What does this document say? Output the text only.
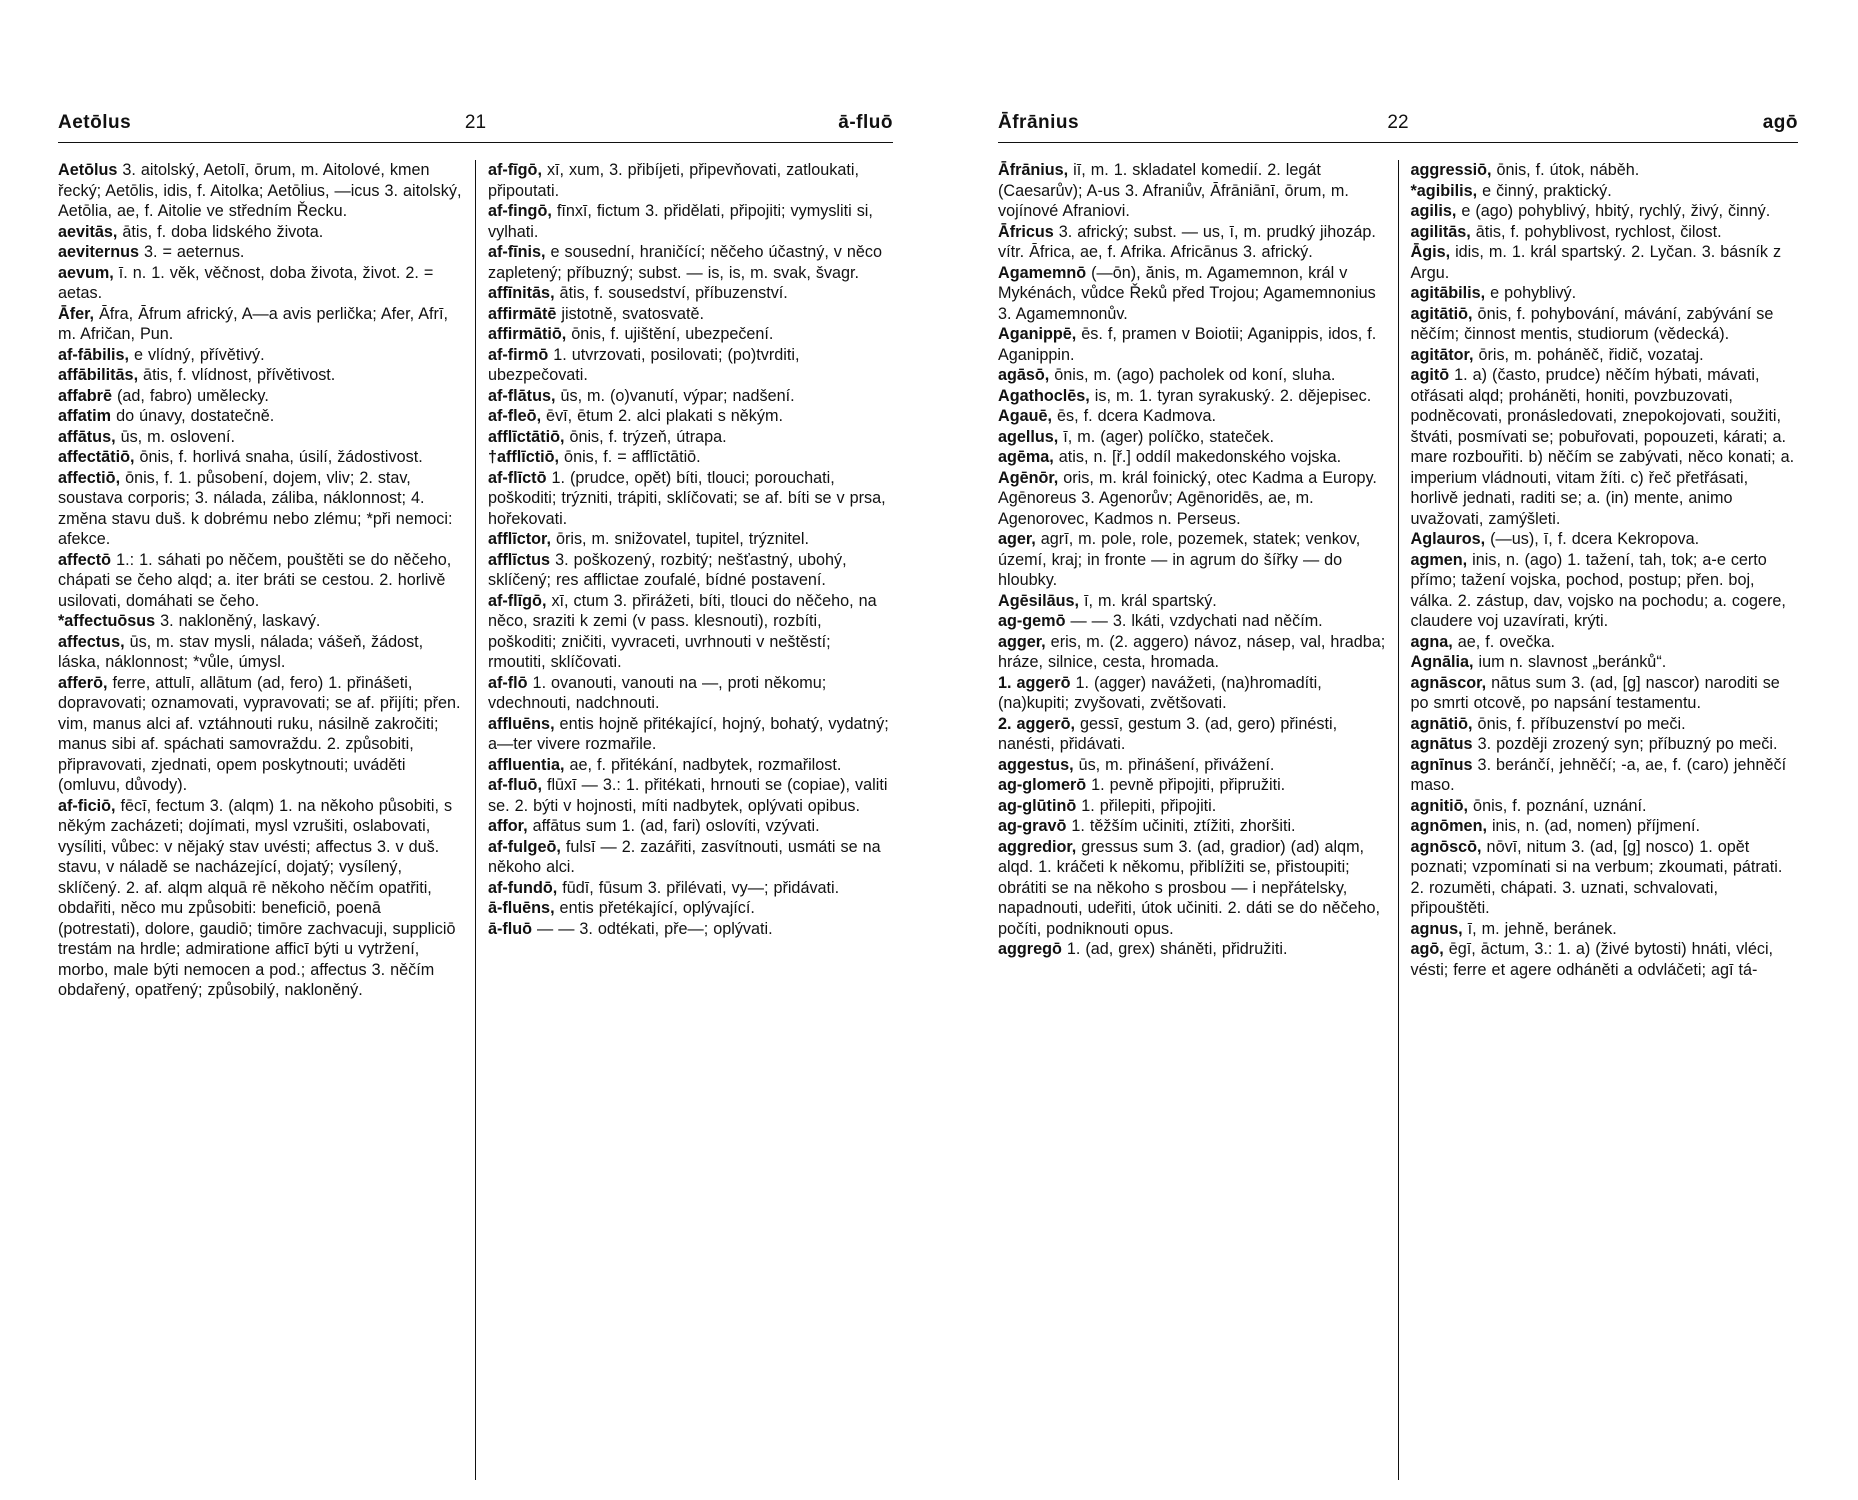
Aetōlus	21	ā-fluō

Aetōlus 3. aitolský, Aetolī, ōrum, m. Aitolové, kmen řecký; Aetōlis, idis, f. Aitolka; Aetōlius, —icus 3. aitolský, Aetōlia, ae, f. Aitolie ve středním Řecku.

aevitās, ātis, f. doba lidského života.

aeviternus 3. = aeternus.

aevum, ī. n. 1. věk, věčnost, doba života, život. 2. = aetas.

Āfer, Āfra, Āfrum africký, A—a avis perlička; Afer, Afrī, m. Afričan, Pun.

af-fābilis, e vlídný, přívětivý.

affābilitās, ātis, f. vlídnost, přívětivost.

affabrē (ad, fabro) umělecky.

affatim do únavy, dostatečně.

affātus, ūs, m. oslovení.

affectātiō, ōnis, f. horlivá snaha, úsilí, žádostivost.

affectiō, ōnis, f. 1. působení, dojem, vliv; 2. stav, soustava corporis; 3. nálada, záliba, náklonnost; 4. změna stavu duš. k dobrému nebo zlému; *při nemoci: afekce.

affectō 1.: 1. sáhati po něčem, pouštěti se do něčeho, chápati se čeho alqd; a. iter bráti se cestou. 2. horlivě usilovati, domáhati se čeho.

*affectuōsus 3. nakloněný, laskavý.

affectus, ūs, m. stav mysli, nálada; vášeň, žádost, láska, náklonnost; *vůle, úmysl.

afferō, ferre, attulī, allātum (ad, fero) 1. přinášeti, dopravovati; oznamovati, vypravovati; se af. přijíti; přen. vim, manus alci af. vztáhnouti ruku, násilně zakročiti; manus sibi af. spáchati samovraždu. 2. způsobiti, připravovati, zjednati, opem poskytnouti; uváděti (omluvu, důvody).

af-ficiō, fēcī, fectum 3. (alqm) 1. na někoho působiti, s někým zacházeti; dojímati, mysl vzrušiti, oslabovati, vysíliti, vůbec: v nějaký stav uvésti; affectus 3. v duš. stavu, v náladě se nacházející, dojatý; vysílený, sklíčený. 2. af. alqm alquā rē někoho něčím opatřiti, obdařiti, něco mu způsobiti: beneficiō, poenā (potrestati), dolore, gaudiō; timōre zachvacuji, suppliciō trestám na hrdle; admiratione afficī býti u vytržení, morbo, male býti nemocen a pod.; affectus 3. něčím obdařený, opatřený; způsobilý, nakloněný.

af-fīgō, xī, xum, 3. přibíjeti, připevňovati, zatloukati, připoutati.

af-fingō, fīnxī, fictum 3. přidělati, připojiti; vymysliti si, vylhati.

af-fīnis, e sousední, hraničící; něčeho účastný, v něco zapletený; příbuzný; subst. — is, is, m. svak, švagr.

affīnitās, ātis, f. sousedství, příbuzenství.

affirmātē jistotně, svatosvatě.

affirmātiō, ōnis, f. ujištění, ubezpečení.

af-firmō 1. utvrzovati, posilovati; (po)tvrditi, ubezpečovati.

af-flātus, ūs, m. (o)vanutí, výpar; nadšení.

af-fleō, ēvī, ētum 2. alci plakati s někým.

afflīctātiō, ōnis, f. trýzeň, útrapa.

†afflīctiō, ōnis, f. = afflīctātiō.

af-flīctō 1. (prudce, opět) bíti, tlouci; porouchati, poškoditi; trýzniti, trápiti, sklíčovati; se af. bíti se v prsa, hořekovati.

afflīctor, ōris, m. snižovatel, tupitel, trýznitel.

afflīctus 3. poškozený, rozbitý; nešťastný, ubohý, sklíčený; res afflictae zoufalé, bídné postavení.

af-flīgō, xī, ctum 3. přirážeti, bíti, tlouci do něčeho, na něco, sraziti k zemi (v pass. klesnouti), rozbíti, poškoditi; zničiti, vyvraceti, uvrhnouti v neštěstí; rmoutiti, sklíčovati.

af-flō 1. ovanouti, vanouti na —, proti někomu; vdechnouti, nadchnouti.

affluēns, entis hojně přitékající, hojný, bohatý, vydatný; a—ter vivere rozmařile.

affluentia, ae, f. přitékání, nadbytek, rozmařilost.

af-fluō, flūxī — 3.: 1. přitékati, hrnouti se (copiae), valiti se. 2. býti v hojnosti, míti nadbytek, oplývati opibus.

affor, affātus sum 1. (ad, fari) oslovíti, vzývati.

af-fulgeō, fulsī — 2. zazářiti, zasvítnouti, usmáti se na někoho alci.

af-fundō, fūdī, fūsum 3. přilévati, vy—; přidávati.

ā-fluēns, entis přetékající, oplývající.

ā-fluō — — 3. odtékati, pře—; oplývati.

Āfrānius	22	agō

Āfrānius, iī, m. 1. skladatel komedií. 2. legát (Caesarův); A-us 3. Afraniův, Āfrāniānī, ōrum, m. vojínové Afraniovi.

Āfricus 3. africký; subst. — us, ī, m. prudký jihozáp. vítr. Āfrica, ae, f. Afrika. Africānus 3. africký.

Agamemnō (—ōn), ănis, m. Agamemnon, král v Mykénách, vůdce Řeků před Trojou; Agamemnonius 3. Agamemnonův.

Aganippē, ēs. f, pramen v Boiotii; Aganippis, idos, f. Aganippin.

agāsō, ōnis, m. (ago) pacholek od koní, sluha.

Agathoclēs, is, m. 1. tyran syrakuský. 2. dějepisec.

Agauē, ēs, f. dcera Kadmova.

agellus, ī, m. (ager) políčko, stateček.

agēma, atis, n. [ř.] oddíl makedonského vojska.

Agēnōr, oris, m. král foinický, otec Kadma a Europy. Agēnoreus 3. Agenorův; Agēnoridēs, ae, m. Agenorovec, Kadmos n. Perseus.

ager, agrī, m. pole, role, pozemek, statek; venkov, území, kraj; in fronte — in agrum do šířky — do hloubky.

Agēsilāus, ī, m. král spartský.

ag-gemō — — 3. lkáti, vzdychati nad něčím.

agger, eris, m. (2. aggero) návoz, násep, val, hradba; hráze, silnice, cesta, hromada.

1. aggerō 1. (agger) navážeti, (na)hromadíti, (na)kupiti; zvyšovati, zvětšovati.

2. aggerō, gessī, gestum 3. (ad, gero) přinésti, nanésti, přidávati.

aggestus, ūs, m. přinášení, přivážení.

ag-glomerō 1. pevně připojiti, připružiti.

ag-glūtinō 1. přilepiti, připojiti.

ag-gravō 1. těžším učiniti, ztížiti, zhoršiti.

aggredior, gressus sum 3. (ad, gradior) (ad) alqm, alqd. 1. kráčeti k někomu, přiblížiti se, přistoupiti; obrátiti se na někoho s prosbou — i nepřátelsky, napadnouti, udeřiti, útok učiniti. 2. dáti se do něčeho, počíti, podniknouti opus.

aggregō 1. (ad, grex) sháněti, přidružiti.

aggressiō, ōnis, f. útok, náběh.

*agibilis, e činný, praktický.

agilis, e (ago) pohyblivý, hbitý, rychlý, živý, činný.

agilitās, ātis, f. pohyblivost, rychlost, čilost.

Āgis, idis, m. 1. král spartský. 2. Lyčan. 3. básník z Argu.

agitābilis, e pohyblivý.

agitātiō, ōnis, f. pohybování, mávání, zabývání se něčím; činnost mentis, studiorum (vědecká).

agitātor, ōris, m. poháněč, řidič, vozataj.

agitō 1. a) (často, prudce) něčím hýbati, mávati, otřásati alqd; proháněti, honiti, povzbuzovati, podněcovati, pronásledovati, znepokojovati, soužiti, štváti, posmívati se; pobuřovati, popouzeti, kárati; a. mare rozbouřiti. b) něčím se zabývati, něco konati; a. imperium vládnouti, vitam žíti. c) řeč přetřásati, horlivě jednati, raditi se; a. (in) mente, animo uvažovati, zamýšleti.

Aglauros, (—us), ī, f. dcera Kekropova.

agmen, inis, n. (ago) 1. tažení, tah, tok; a-e certo přímo; tažení vojska, pochod, postup; přen. boj, válka. 2. zástup, dav, vojsko na pochodu; a. cogere, claudere voj uzavírati, krýti.

agna, ae, f. ovečka.

Agnālia, ium n. slavnost „beránků“.

agnāscor, nātus sum 3. (ad, [g] nascor) naroditi se po smrti otcově, po napsání testamentu.

agnātiō, ōnis, f. příbuzenství po meči.

agnātus 3. později zrozený syn; příbuzný po meči.

agnīnus 3. beránčí, jehněčí; -a, ae, f. (caro) jehněčí maso.

agnitiō, ōnis, f. poznání, uznání.

agnōmen, inis, n. (ad, nomen) příjmení.

agnōscō, nōvī, nitum 3. (ad, [g] nosco) 1. opět poznati; vzpomínati si na verbum; zkoumati, pátrati. 2. rozuměti, chápati. 3. uznati, schvalovati, připouštěti.

agnus, ī, m. jehně, beránek.

agō, ēgī, āctum, 3.: 1. a) (živé bytosti) hnáti, vléci, vésti; ferre et agere odháněti a odvláčeti; agī tá-
